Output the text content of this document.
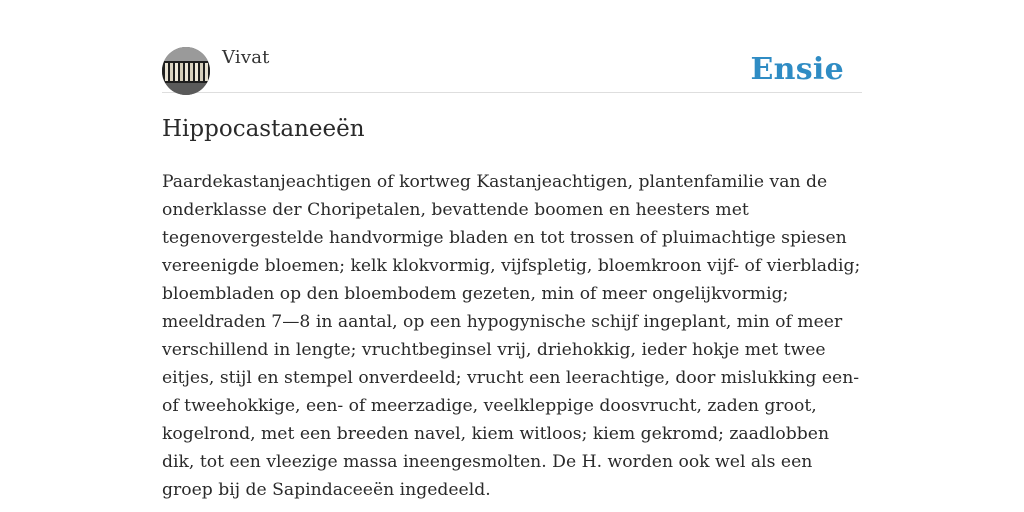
Vivat	Ensie
Hippocastaneeën

Paardekastanjeachtigen of kortweg Kastanjeachtigen, plantenfamilie van de onderklasse der Choripetalen, bevattende boomen en heesters met tegenovergestelde handvormige bladen en tot trossen of pluimachtige spiesen vereenigde bloemen; kelk klokvormig, vijfspletig, bloemkroon vijf- of vierbladig; bloembladen op den bloembodem gezeten, min of meer ongelijkvormig; meeldraden 7—8 in aantal, op een hypogynische schijf ingeplant, min of meer verschillend in lengte; vruchtbeginsel vrij, driehokkig, ieder hokje met twee eitjes, stijl en stempel onverdeeld; vrucht een leerachtige, door mislukking een- of tweehokkige, een- of meerzadige, veelkleppige doosvrucht, zaden groot, kogelrond, met een breeden navel, kiem witloos; kiem gekromd; zaadlobben dik, tot een vleezige massa ineengesmolten. De H. worden ook wel als een groep bij de Sapindaceeën ingedeeld.
